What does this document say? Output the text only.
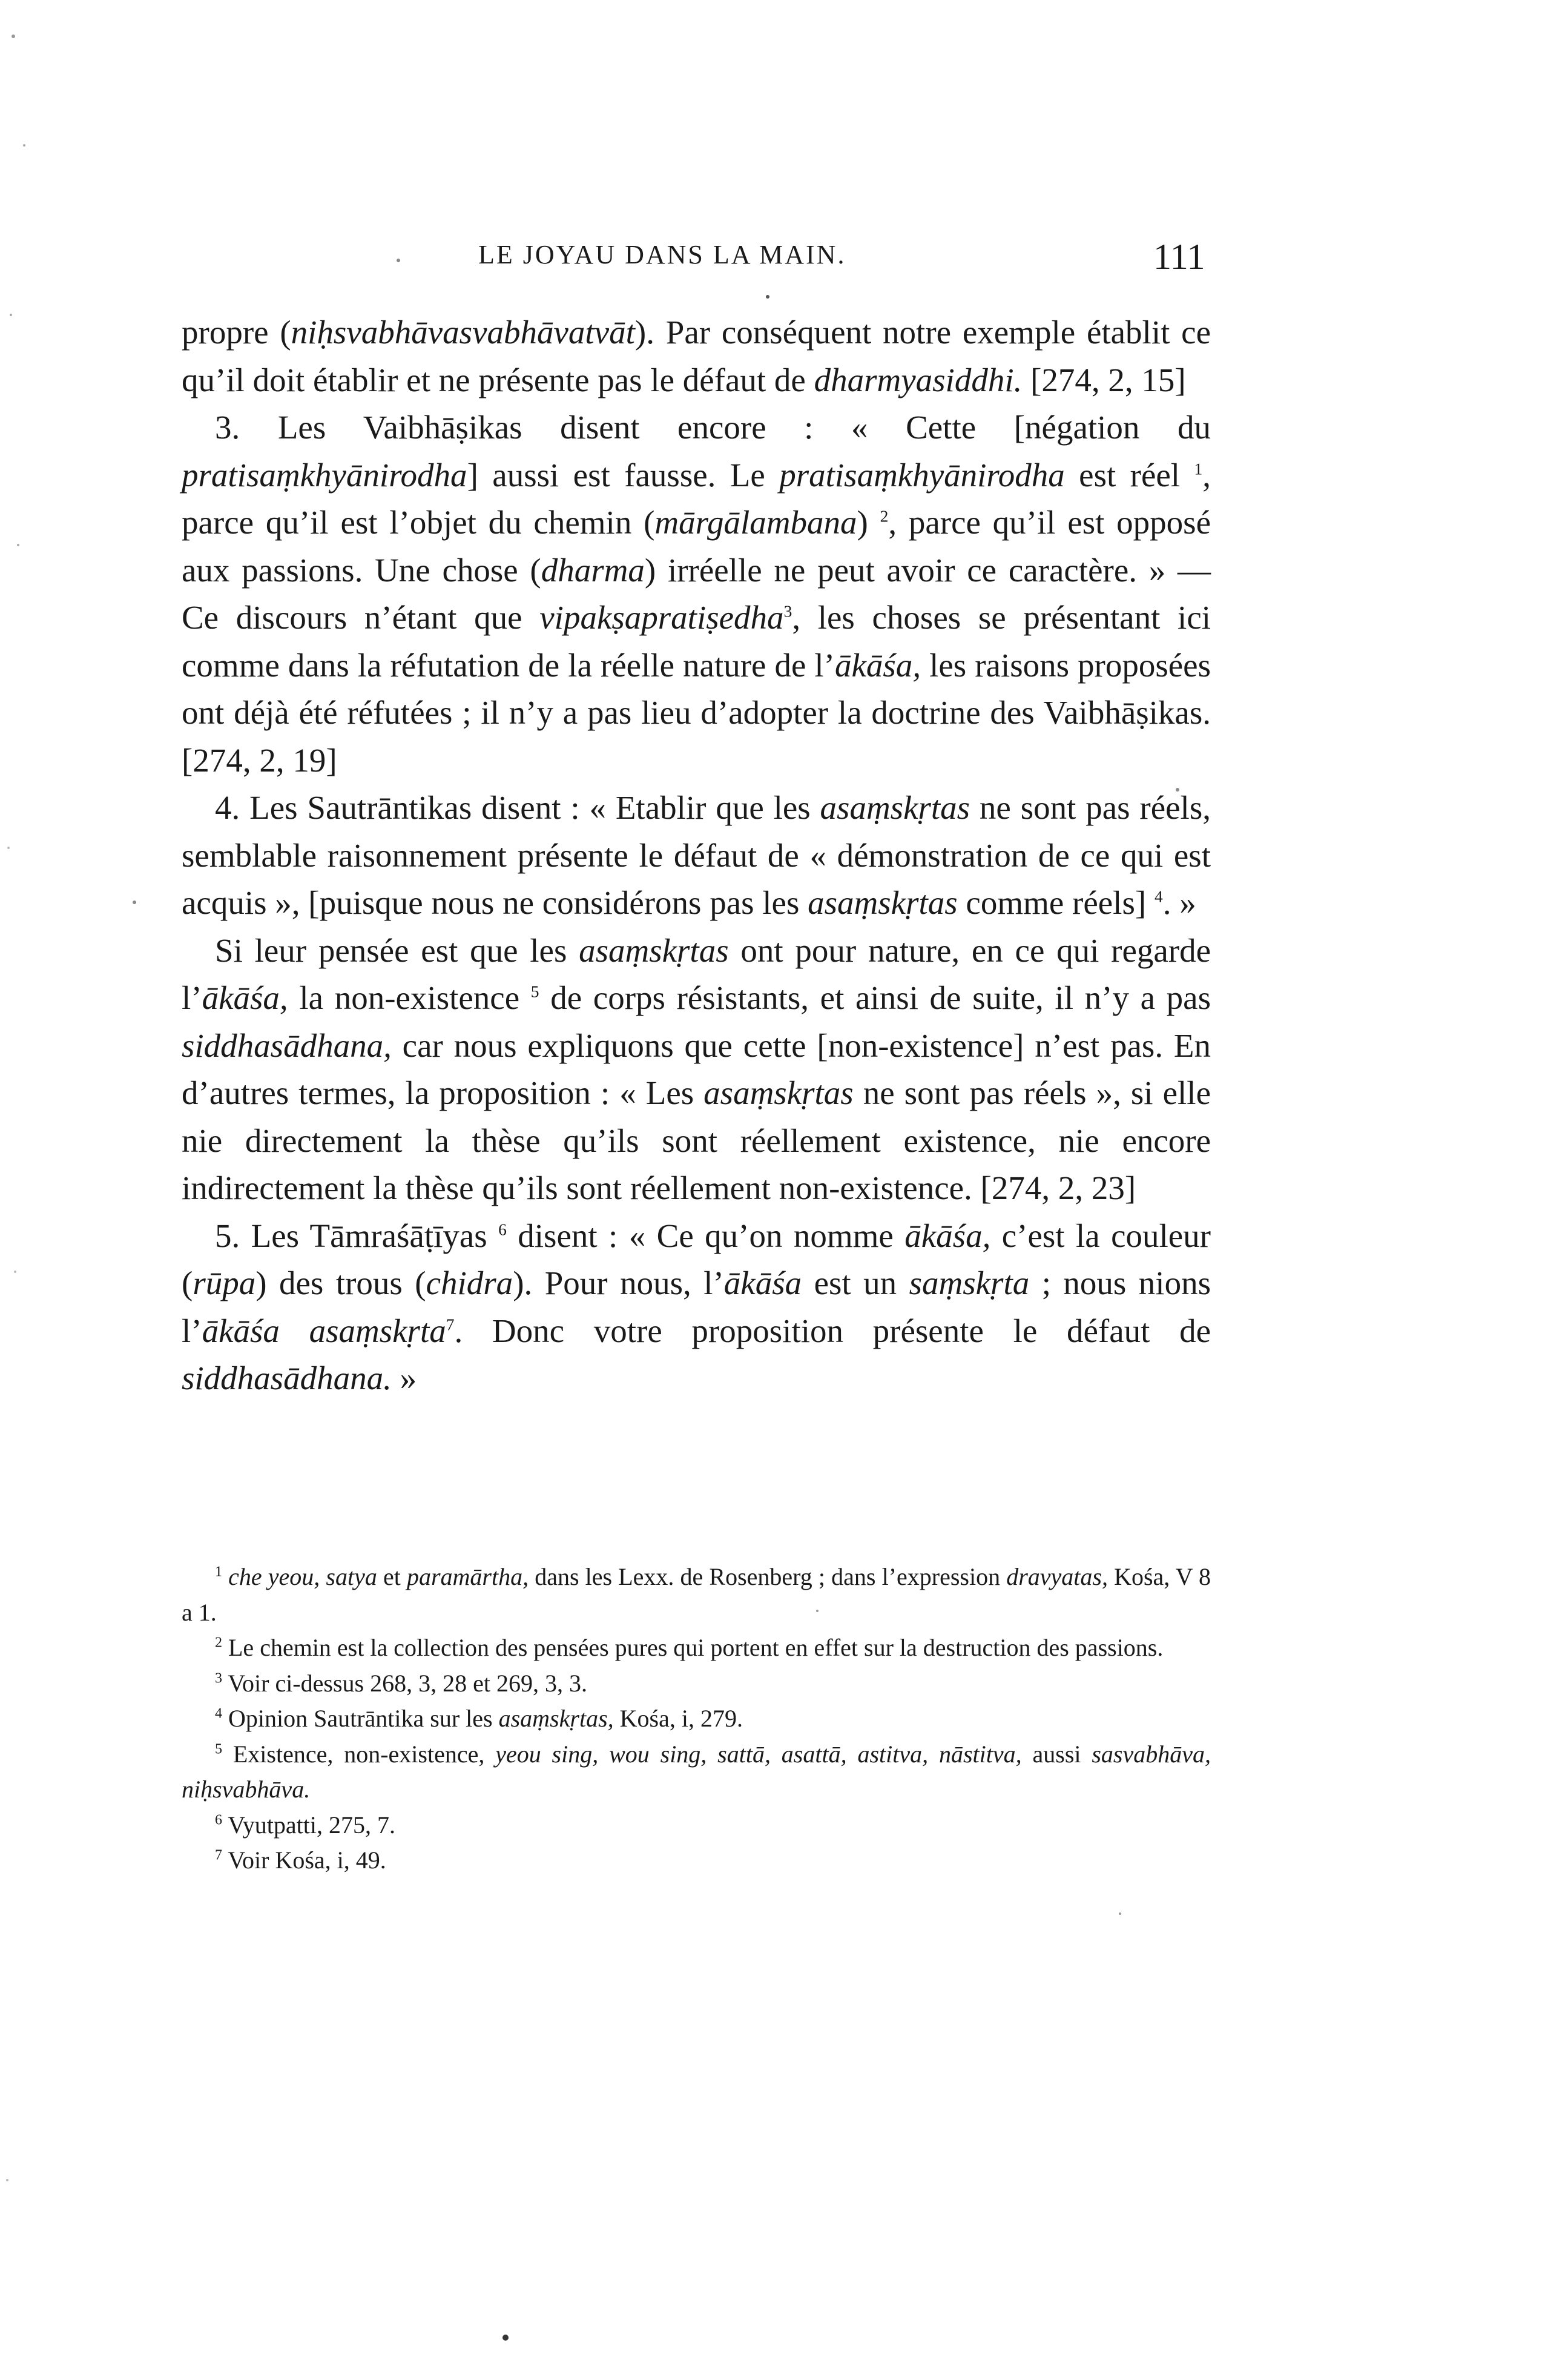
LE JOYAU DANS LA MAIN.	111

propre (niḥsvabhāvasvabhāvatvāt). Par conséquent notre exemple établit ce qu’il doit établir et ne présente pas le défaut de dharmyasiddhi. [274, 2, 15]

3. Les Vaibhāṣikas disent encore : « Cette [négation du pratisaṃkhyānirodha] aussi est fausse. Le pratisaṃkhyānirodha est réel $^1$, parce qu’il est l’objet du chemin (mārgālambana) $^2$, parce qu’il est opposé aux passions. Une chose (dharma) irréelle ne peut avoir ce caractère. » — Ce discours n’étant que vipakṣapratiṣedha$^3$, les choses se présentant ici comme dans la réfutation de la réelle nature de l’ākāśa, les raisons proposées ont déjà été réfutées ; il n’y a pas lieu d’adopter la doctrine des Vaibhāṣikas. [274, 2, 19]

4. Les Sautrāntikas disent : « Etablir que les asaṃskṛtas ne sont pas réels, semblable raisonnement présente le défaut de « démonstration de ce qui est acquis », [puisque nous ne considérons pas les asaṃskṛtas comme réels] $^4$. »

Si leur pensée est que les asaṃskṛtas ont pour nature, en ce qui regarde l’ākāśa, la non-existence $^5$ de corps résistants, et ainsi de suite, il n’y a pas siddhasādhana, car nous expliquons que cette [non-existence] n’est pas. En d’autres termes, la proposition : « Les asaṃskṛtas ne sont pas réels », si elle nie directement la thèse qu’ils sont réellement existence, nie encore indirectement la thèse qu’ils sont réellement non-existence. [274, 2, 23]

5. Les Tāmraśāṭīyas $^6$ disent : « Ce qu’on nomme ākāśa, c’est la couleur (rūpa) des trous (chidra). Pour nous, l’ākāśa est un saṃskṛta ; nous nions l’ākāśa asaṃskṛta$^7$. Donc votre proposition présente le défaut de siddhasādhana. »

$^1$ che yeou, satya et paramārtha, dans les Lexx. de Rosenberg ; dans l’expression dravyatas, Kośa, V 8 a 1.

$^2$ Le chemin est la collection des pensées pures qui portent en effet sur la destruction des passions.

$^3$ Voir ci-dessus 268, 3, 28 et 269, 3, 3.

$^4$ Opinion Sautrāntika sur les asaṃskṛtas, Kośa, i, 279.

$^5$ Existence, non-existence, yeou sing, wou sing, sattā, asattā, astitva, nāstitva, aussi sasvabhāva, niḥsvabhāva.

$^6$ Vyutpatti, 275, 7.

$^7$ Voir Kośa, i, 49.
